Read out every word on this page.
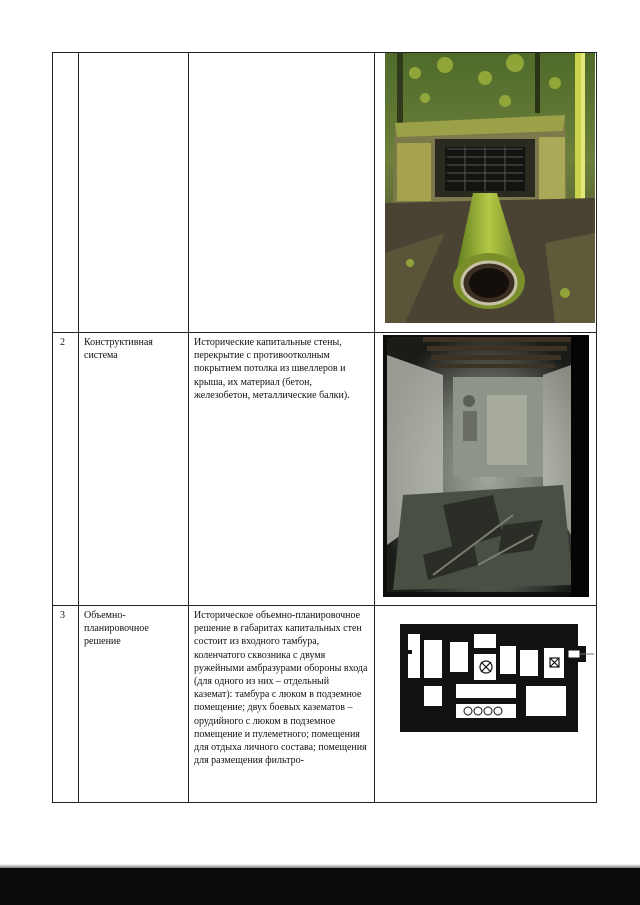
2	Конструктивная система	Исторические капитальные стены, перекрытие с противоотколным покрытием потолка из швеллеров и крыша, их материал (бетон, железобетон, металлические балки).

3	Объемно-планировочное решение	Историческое объемно-планировочное решение в габаритах капитальных стен состоит из входного тамбура, коленчатого сквозника с двумя ружейными амбразурами обороны входа (для одного из них – отдельный каземат): тамбура с люком в подземное помещение; двух боевых казематов – орудийного с люком в подземное помещение и пулеметного; помещения для отдыха личного состава; помещения для размещения фильтро-
